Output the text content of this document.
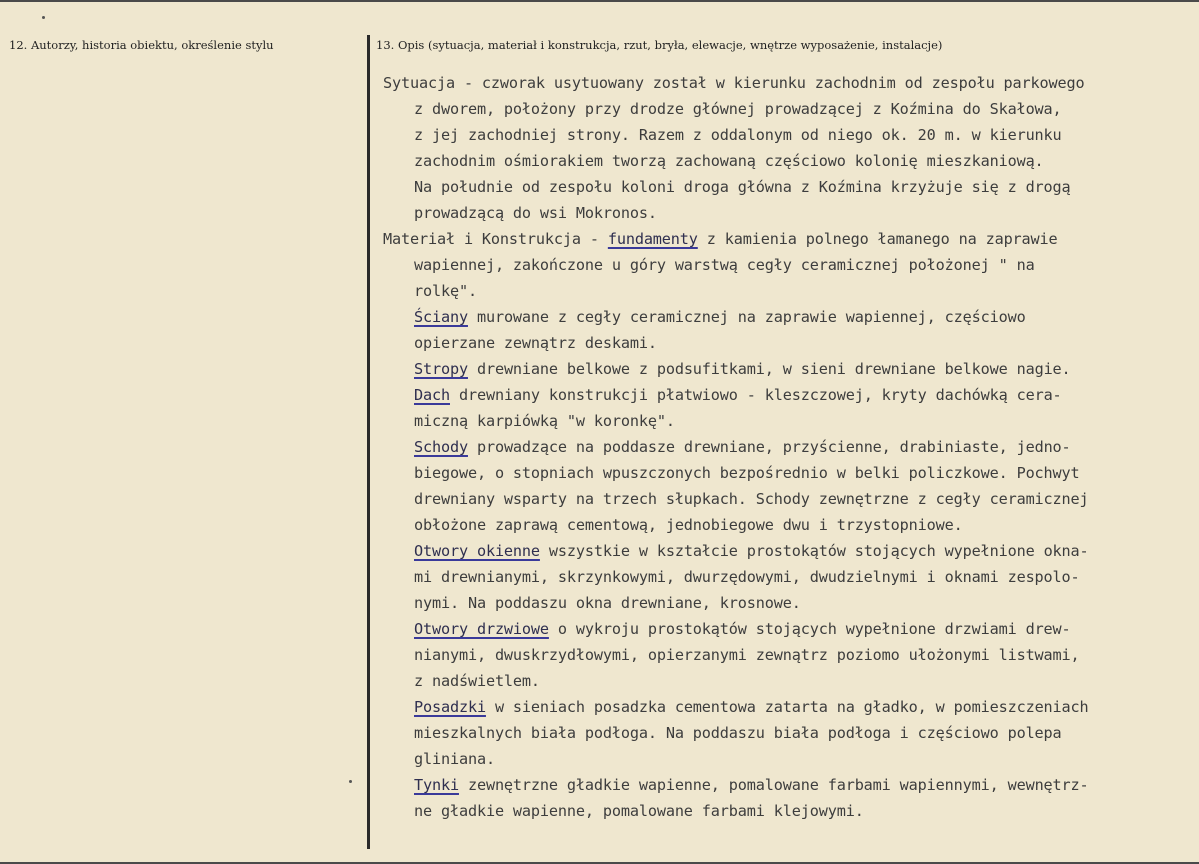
12. Autorzy, historia obiektu, określenie stylu	13. Opis (sytuacja, materiał i konstrukcja, rzut, bryła, elewacje, wnętrze wyposażenie, instalacje)
Sytuacja - czworak usytuowany został w kierunku zachodnim od zespołu parkowego
z dworem, położony przy drodze głównej prowadzącej z Koźmina do Skałowa,
z jej zachodniej strony. Razem z oddalonym od niego ok. 20 m. w kierunku
zachodnim ośmiorakiem tworzą zachowaną częściowo kolonię mieszkaniową.
Na południe od zespołu koloni droga główna z Koźmina krzyżuje się z drogą
prowadzącą do wsi Mokronos.
Materiał i Konstrukcja - fundamenty z kamienia polnego łamanego na zaprawie
wapiennej, zakończone u góry warstwą cegły ceramicznej położonej " na
rolkę".
Ściany murowane z cegły ceramicznej na zaprawie wapiennej, częściowo
opierzane zewnątrz deskami.
Stropy drewniane belkowe z podsufitkami, w sieni drewniane belkowe nagie.
Dach drewniany konstrukcji płatwiowo - kleszczowej, kryty dachówką cera-
miczną karpiówką "w koronkę".
Schody prowadzące na poddasze drewniane, przyścienne, drabiniaste, jedno-
biegowe, o stopniach wpuszczonych bezpośrednio w belki policzkowe. Pochwyt
drewniany wsparty na trzech słupkach. Schody zewnętrzne z cegły ceramicznej
obłożone zaprawą cementową, jednobiegowe dwu i trzystopniowe.
Otwory okienne wszystkie w kształcie prostokątów stojących wypełnione okna-
mi drewnianymi, skrzynkowymi, dwurzędowymi, dwudzielnymi i oknami zespolo-
nymi. Na poddaszu okna drewniane, krosnowe.
Otwory drzwiowe o wykroju prostokątów stojących wypełnione drzwiami drew-
nianymi, dwuskrzydłowymi, opierzanymi zewnątrz poziomo ułożonymi listwami,
z nadświetlem.
Posadzki w sieniach posadzka cementowa zatarta na gładko, w pomieszczeniach
mieszkalnych biała podłoga. Na poddaszu biała podłoga i częściowo polepa
gliniana.
Tynki zewnętrzne gładkie wapienne, pomalowane farbami wapiennymi, wewnętrz-
ne gładkie wapienne, pomalowane farbami klejowymi.
